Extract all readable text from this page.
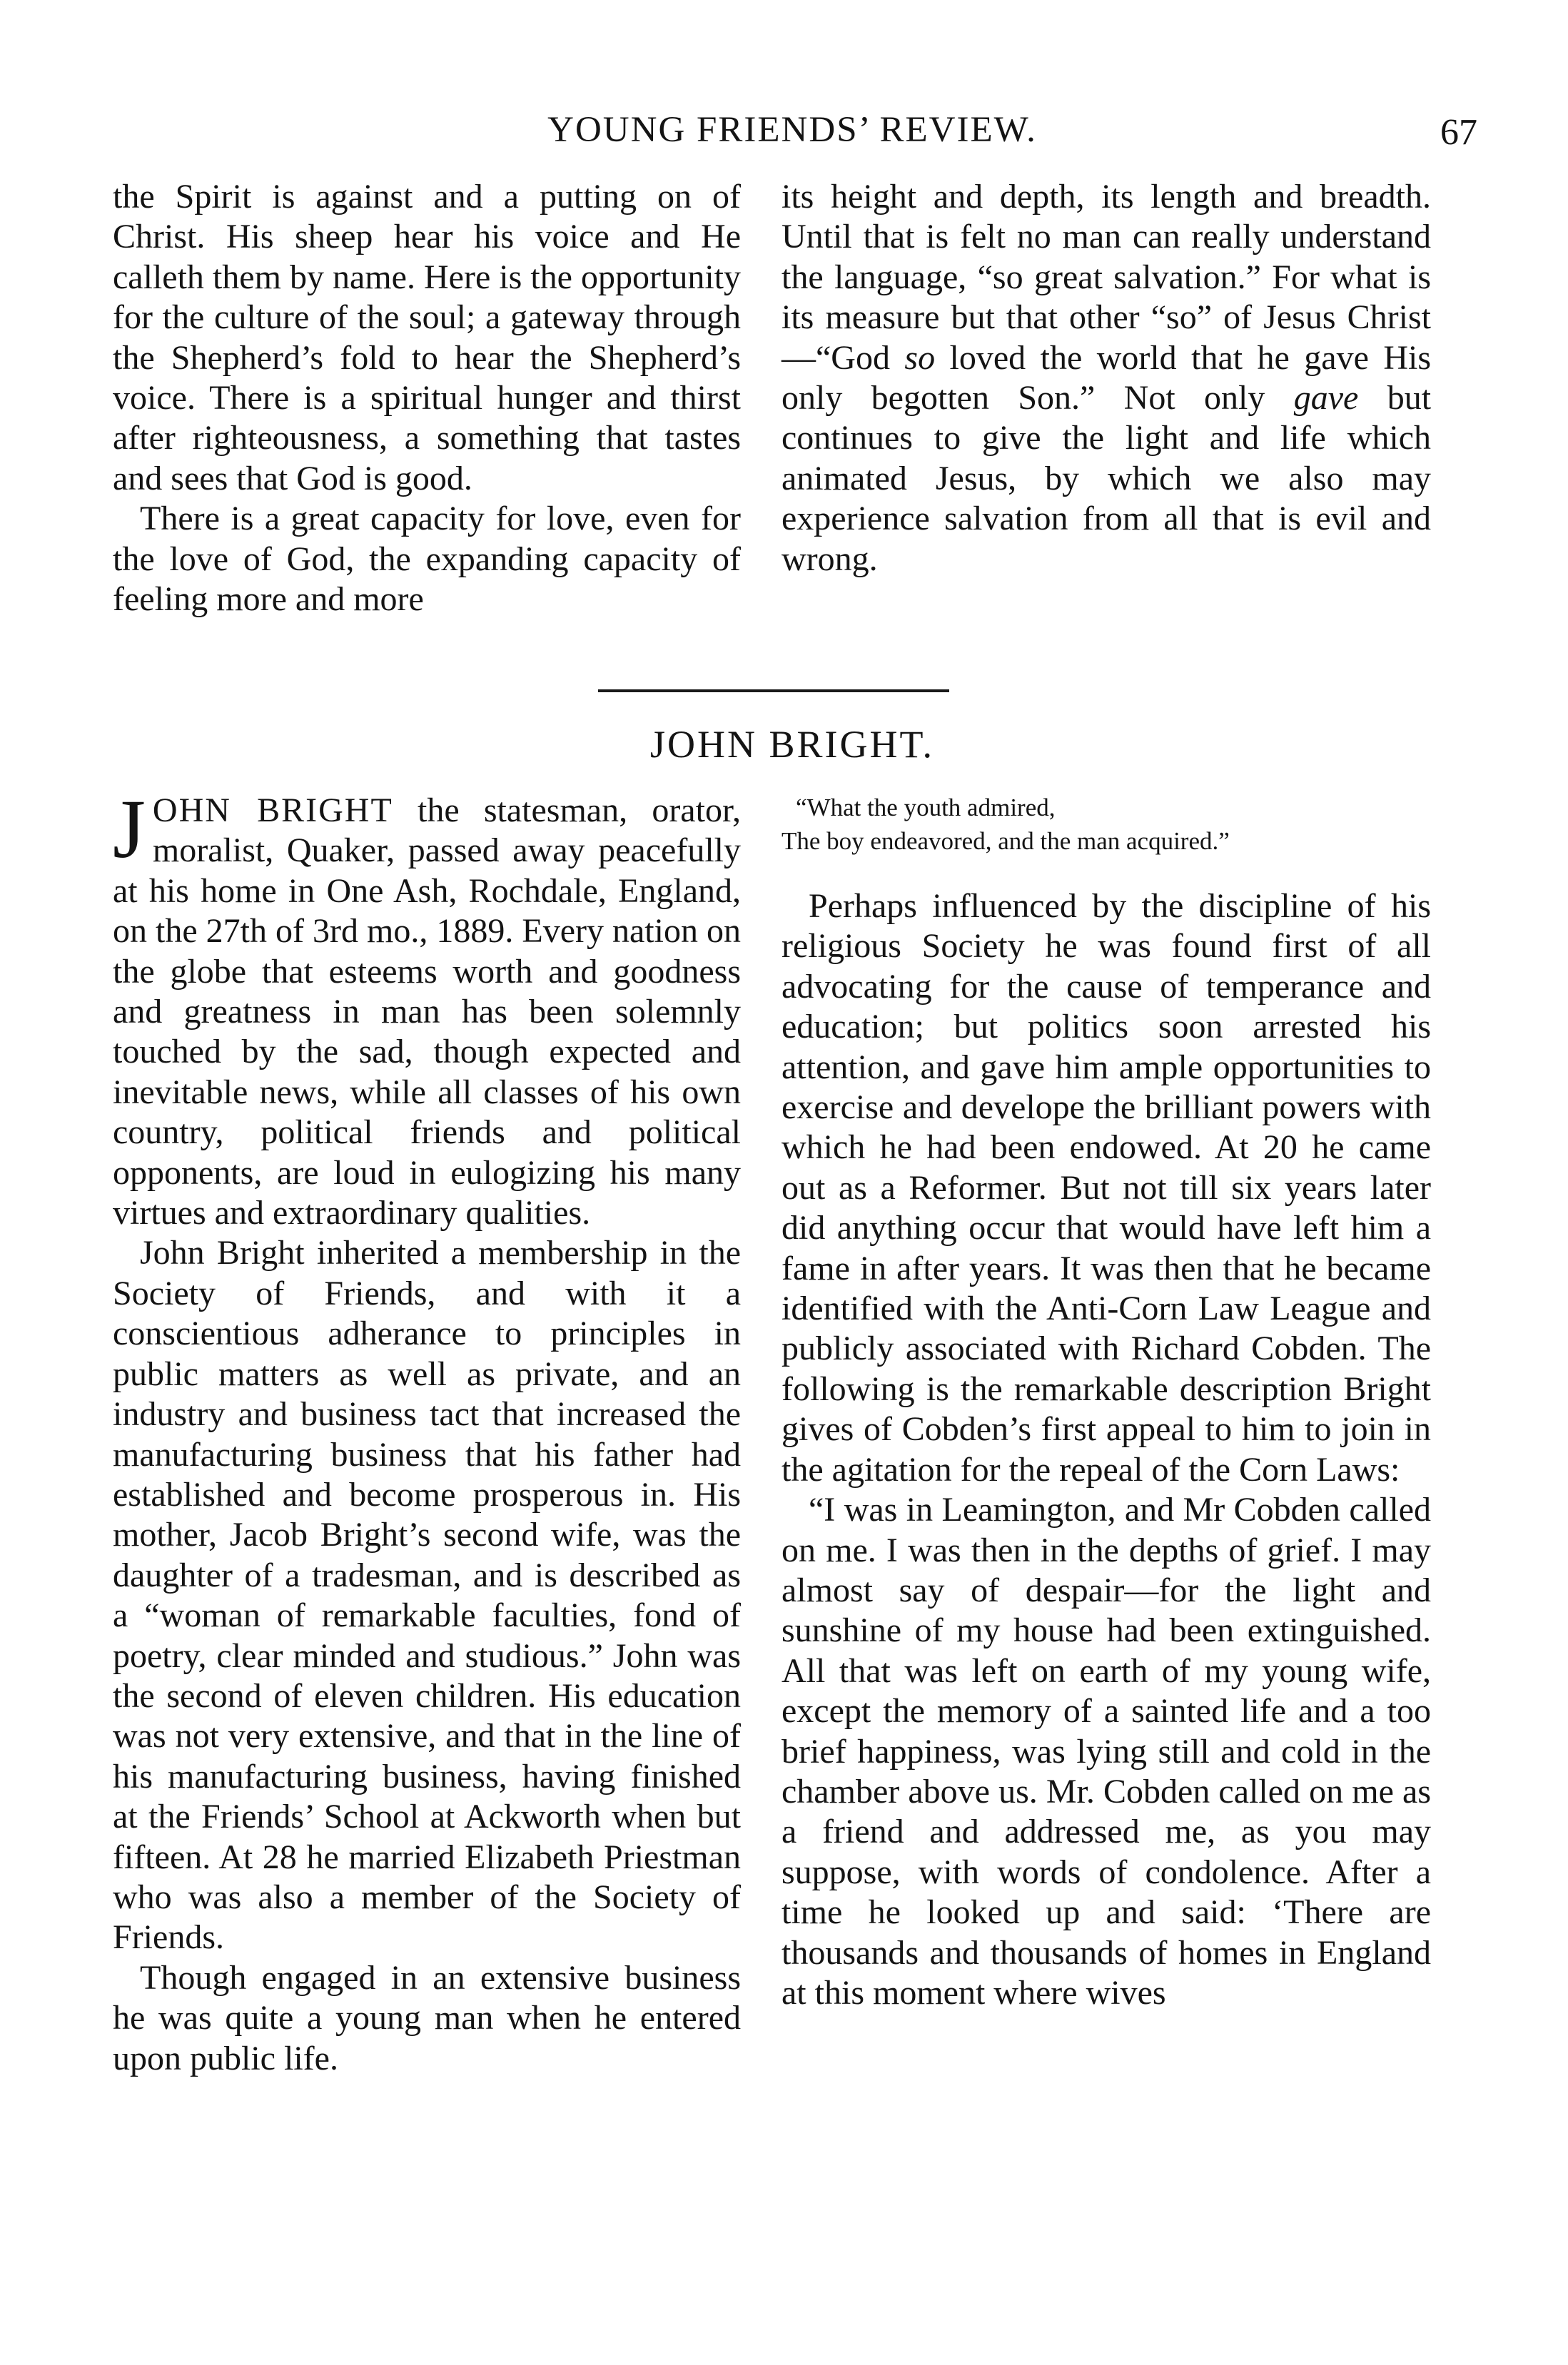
YOUNG FRIENDS’ REVIEW.	67

the Spirit is against and a putting on of Christ. His sheep hear his voice and He calleth them by name. Here is the opportunity for the culture of the soul; a gateway through the Shepherd’s fold to hear the Shepherd’s voice. There is a spiritual hunger and thirst after righteousness, a something that tastes and sees that God is good.

There is a great capacity for love, even for the love of God, the expanding capacity of feeling more and more

its height and depth, its length and breadth. Until that is felt no man can really understand the language, “so great salvation.” For what is its measure but that other “so” of Jesus Christ—“God so loved the world that he gave His only begotten Son.” Not only gave but continues to give the light and life which animated Jesus, by which we also may experience salvation from all that is evil and wrong.

JOHN BRIGHT.

JOHN BRIGHT the statesman, orator, moralist, Quaker, passed away peacefully at his home in One Ash, Rochdale, England, on the 27th of 3rd mo., 1889. Every nation on the globe that esteems worth and goodness and greatness in man has been solemnly touched by the sad, though expected and inevitable news, while all classes of his own country, political friends and political opponents, are loud in eulogizing his many virtues and extraordinary qualities.

John Bright inherited a membership in the Society of Friends, and with it a conscientious adherance to principles in public matters as well as private, and an industry and business tact that increased the manufacturing business that his father had established and become prosperous in. His mother, Jacob Bright’s second wife, was the daughter of a tradesman, and is described as a “woman of remarkable faculties, fond of poetry, clear minded and studious.” John was the second of eleven children. His education was not very extensive, and that in the line of his manufacturing business, having finished at the Friends’ School at Ackworth when but fifteen. At 28 he married Elizabeth Priestman who was also a member of the Society of Friends.

Though engaged in an extensive business he was quite a young man when he entered upon public life.

“What the youth admired,
The boy endeavored, and the man acquired.”

Perhaps influenced by the discipline of his religious Society he was found first of all advocating for the cause of temperance and education; but politics soon arrested his attention, and gave him ample opportunities to exercise and develope the brilliant powers with which he had been endowed. At 20 he came out as a Reformer. But not till six years later did anything occur that would have left him a fame in after years. It was then that he became identified with the Anti-Corn Law League and publicly associated with Richard Cobden. The following is the remarkable description Bright gives of Cobden’s first appeal to him to join in the agitation for the repeal of the Corn Laws:

“I was in Leamington, and Mr Cobden called on me. I was then in the depths of grief. I may almost say of despair—for the light and sunshine of my house had been extinguished. All that was left on earth of my young wife, except the memory of a sainted life and a too brief happiness, was lying still and cold in the chamber above us. Mr. Cobden called on me as a friend and addressed me, as you may suppose, with words of condolence. After a time he looked up and said: ‘There are thousands and thousands of homes in England at this moment where wives
